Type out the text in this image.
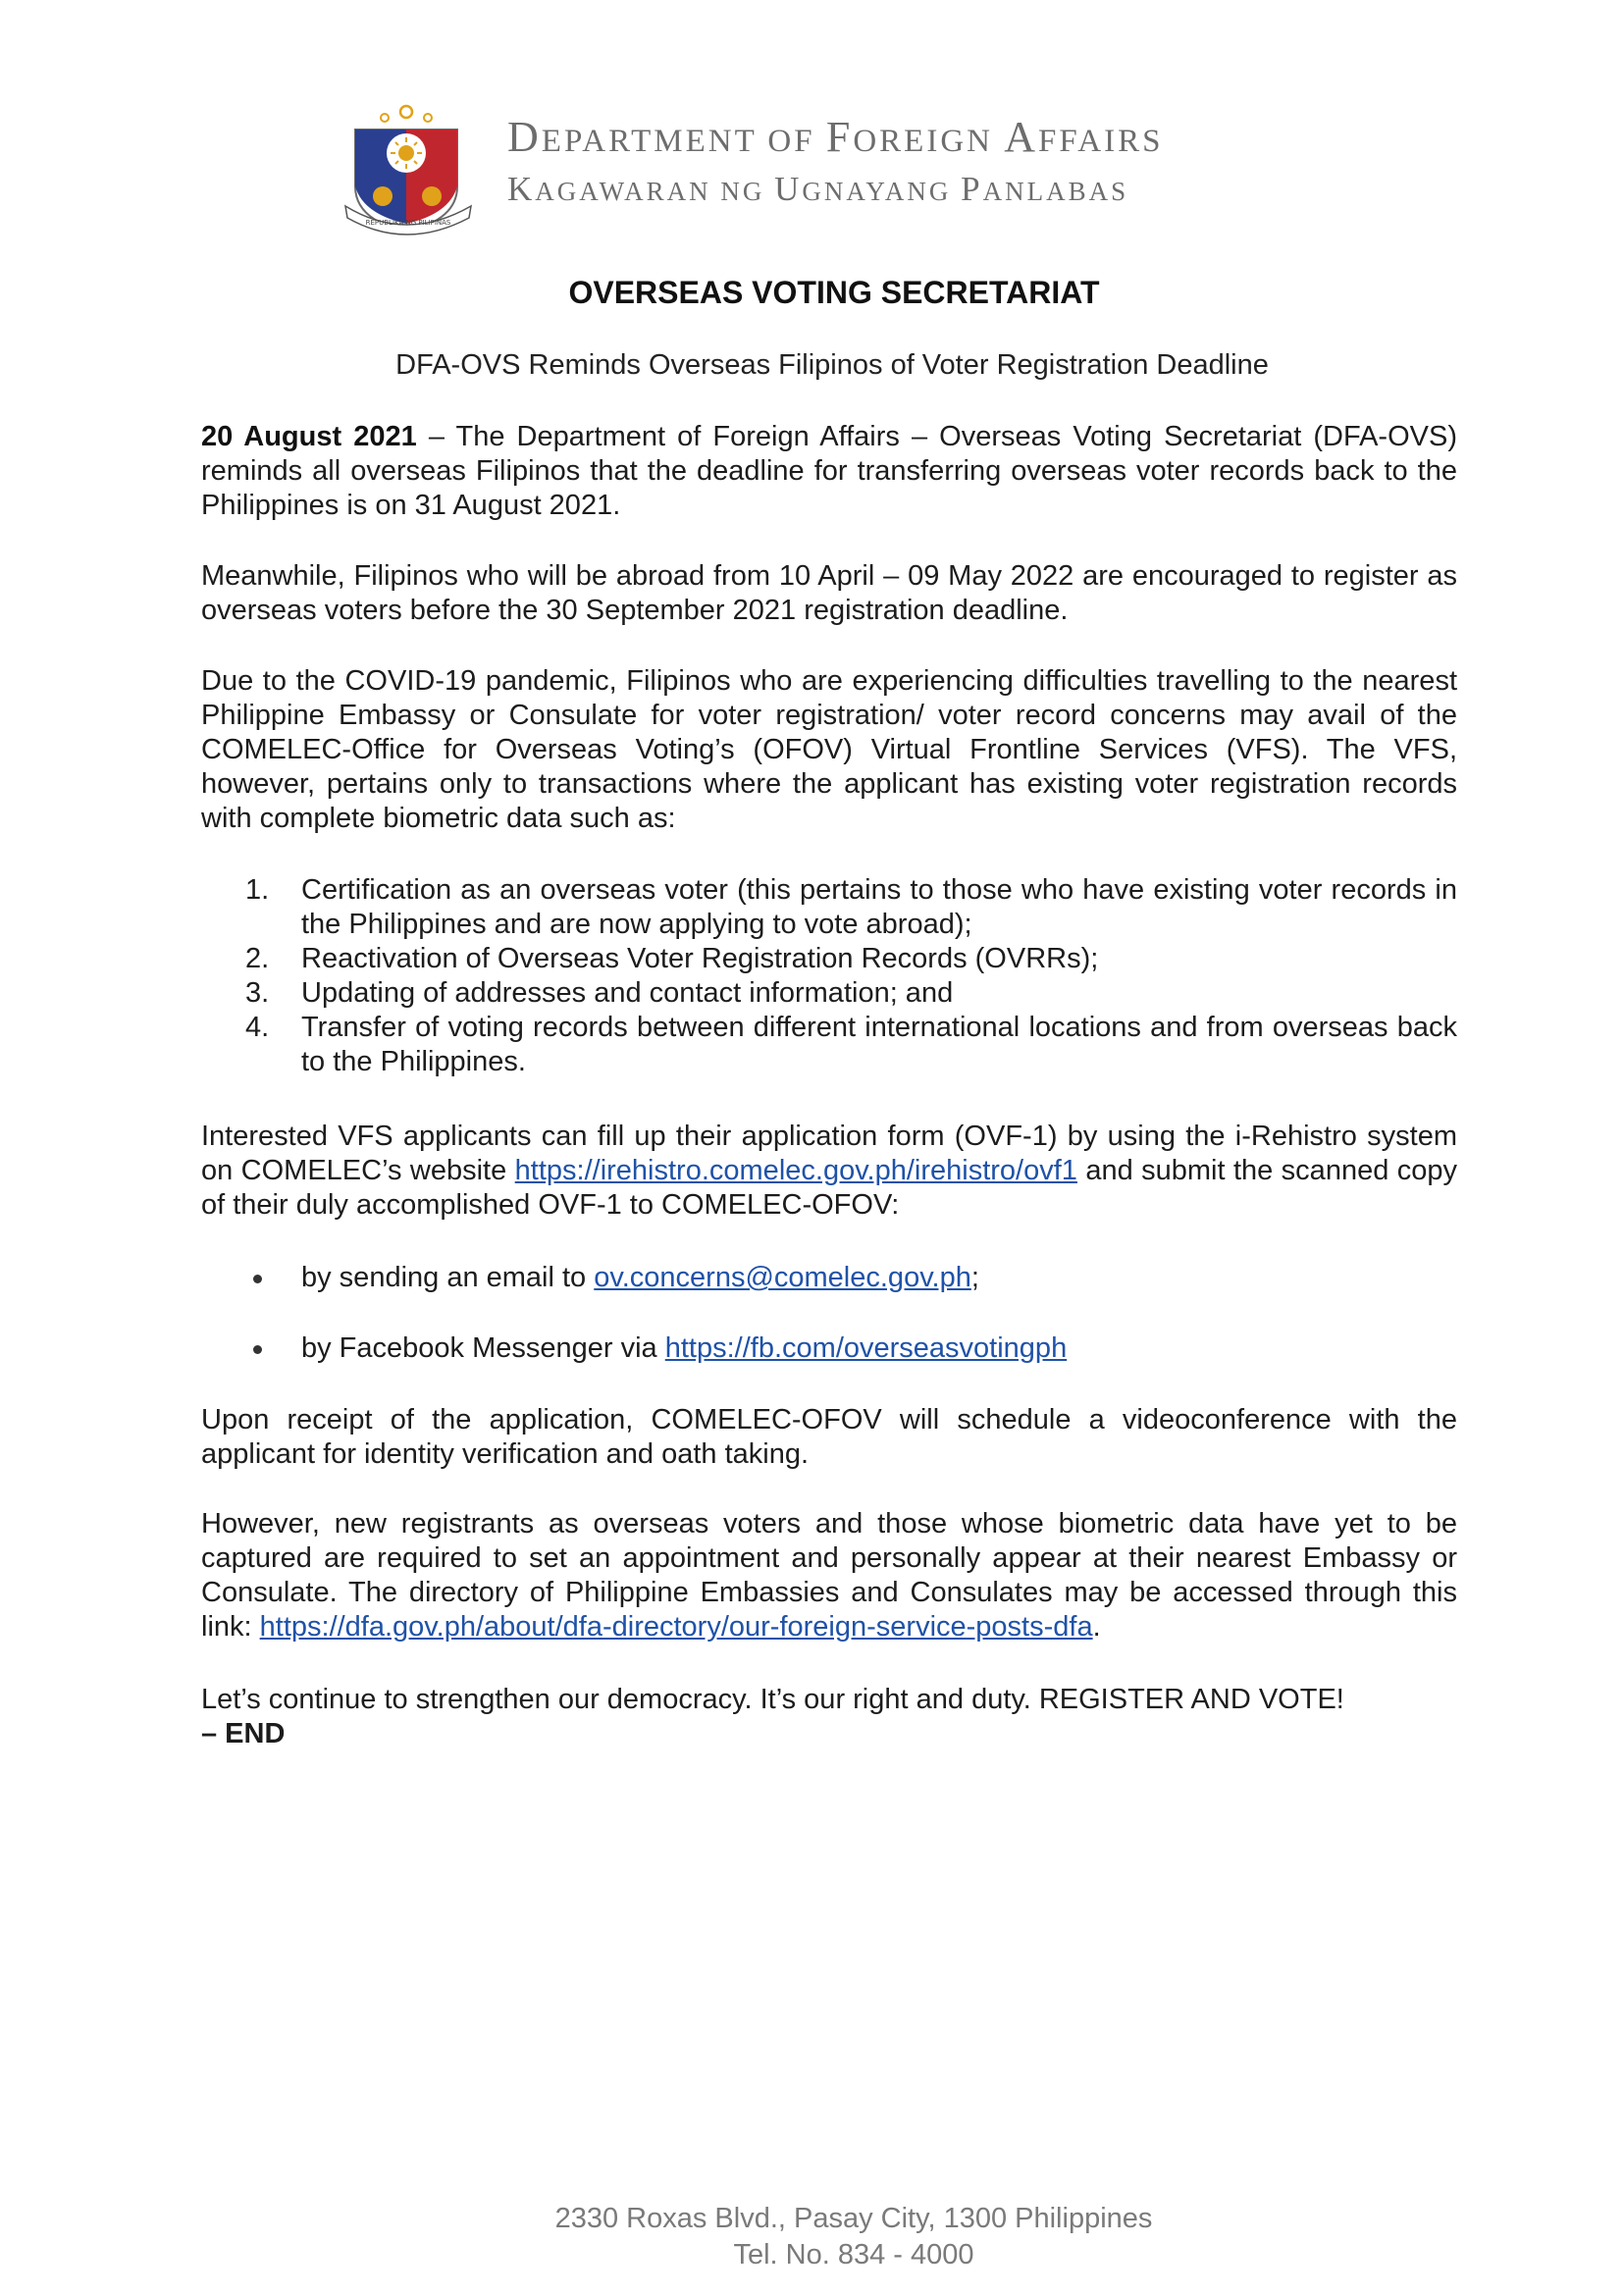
REPUBLIKA NG PILIPINAS
DEPARTMENT OF FOREIGN AFFAIRS
KAGAWARAN NG UGNAYANG PANLABAS
OVERSEAS VOTING SECRETARIAT
DFA-OVS Reminds Overseas Filipinos of Voter Registration Deadline
20 August 2021 – The Department of Foreign Affairs – Overseas Voting Secretariat (DFA-OVS) reminds all overseas Filipinos that the deadline for transferring overseas voter records back to the Philippines is on 31 August 2021.
Meanwhile, Filipinos who will be abroad from 10 April – 09 May 2022 are encouraged to register as overseas voters before the 30 September 2021 registration deadline.
Due to the COVID-19 pandemic, Filipinos who are experiencing difficulties travelling to the nearest Philippine Embassy or Consulate for voter registration/ voter record concerns may avail of the COMELEC-Office for Overseas Voting’s (OFOV) Virtual Frontline Services (VFS). The VFS, however, pertains only to transactions where the applicant has existing voter registration records with complete biometric data such as:
1. Certification as an overseas voter (this pertains to those who have existing voter records in the Philippines and are now applying to vote abroad);
2. Reactivation of Overseas Voter Registration Records (OVRRs);
3. Updating of addresses and contact information; and
4. Transfer of voting records between different international locations and from overseas back to the Philippines.
Interested VFS applicants can fill up their application form (OVF-1) by using the i-Rehistro system on COMELEC’s website https://irehistro.comelec.gov.ph/irehistro/ovf1 and submit the scanned copy of their duly accomplished OVF-1 to COMELEC-OFOV:
by sending an email to ov.concerns@comelec.gov.ph;
by Facebook Messenger via https://fb.com/overseasvotingph
Upon receipt of the application, COMELEC-OFOV will schedule a videoconference with the applicant for identity verification and oath taking.
However, new registrants as overseas voters and those whose biometric data have yet to be captured are required to set an appointment and personally appear at their nearest Embassy or Consulate. The directory of Philippine Embassies and Consulates may be accessed through this link: https://dfa.gov.ph/about/dfa-directory/our-foreign-service-posts-dfa.
Let’s continue to strengthen our democracy. It’s our right and duty. REGISTER AND VOTE!
– END
2330 Roxas Blvd., Pasay City, 1300 Philippines
Tel. No. 834 - 4000
